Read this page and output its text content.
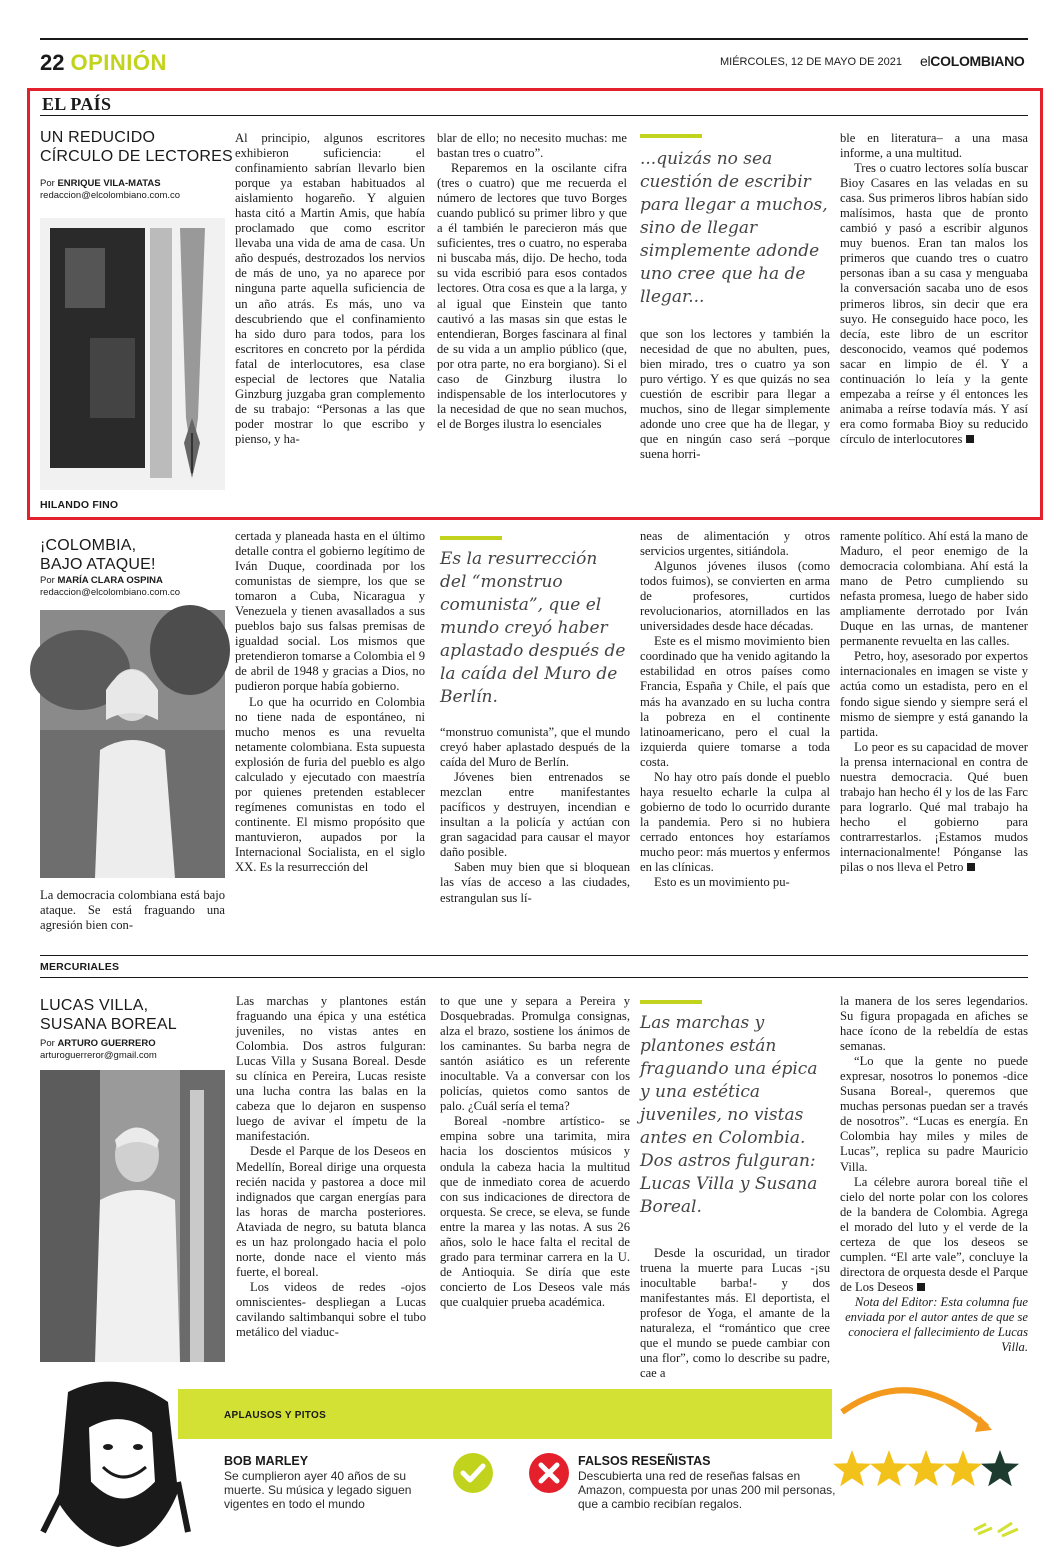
22 OPINIÓN	MIÉRCOLES, 12 DE MAYO DE 2021 elCOLOMBIANO
EL PAÍS
UN REDUCIDO
CÍRCULO DE LECTORES
Por ENRIQUE VILA-MATAS
redaccion@elcolombiano.com.co
HILANDO FINO

Al principio, algunos escritores exhibieron suficiencia: el confinamiento sabrían llevarlo bien porque ya estaban habituados al aislamiento hogareño. Y alguien hasta citó a Martin Amis, que había proclamado que como escritor llevaba una vida de ama de casa. Un año después, destrozados los nervios de más de uno, ya no aparece por ninguna parte aquella suficiencia de un año atrás. Es más, uno va descubriendo que el confinamiento ha sido duro para todos, para los escritores en concreto por la pérdida fatal de interlocutores, esa clase especial de lectores que Natalia Ginzburg juzgaba gran complemento de su trabajo: “Personas a las que poder mostrar lo que escribo y pienso, y ha-

blar de ello; no necesito muchas: me bastan tres o cuatro”.

Reparemos en la oscilante cifra (tres o cuatro) que me recuerda el número de lectores que tuvo Borges cuando publicó su primer libro y que a él también le parecieron más que suficientes, tres o cuatro, no esperaba ni buscaba más, dijo. De hecho, toda su vida escribió para esos contados lectores. Otra cosa es que a la larga, y al igual que Einstein que tanto cautivó a las masas sin que estas le entendieran, Borges fascinara al final de su vida a un amplio público (que, por otra parte, no era borgiano). Si el caso de Ginzburg ilustra lo indispensable de los interlocutores y la necesidad de que no sean muchos, el de Borges ilustra lo esenciales

...quizás no sea cuestión de escribir para llegar a muchos, sino de llegar simplemente adonde uno cree que ha de llegar...

que son los lectores y también la necesidad de que no abulten, pues, bien mirado, tres o cuatro ya son puro vértigo. Y es que quizás no sea cuestión de escribir para llegar a muchos, sino de llegar simplemente adonde uno cree que ha de llegar, y que en ningún caso será –porque suena horri-

ble en literatura– a una masa informe, a una multitud.

Tres o cuatro lectores solía buscar Bioy Casares en las veladas en su casa. Sus primeros libros habían sido malísimos, hasta que de pronto cambió y pasó a escribir algunos muy buenos. Eran tan malos los primeros que cuando tres o cuatro personas iban a su casa y menguaba la conversación sacaba uno de esos primeros libros, sin decir que era suyo. He conseguido hace poco, les decía, este libro de un escritor desconocido, veamos qué podemos sacar en limpio de él. Y a continuación lo leía y la gente empezaba a reírse y él entonces les animaba a reírse todavía más. Y así era como formaba Bioy su reducido círculo de interlocutores

¡COLOMBIA,
BAJO ATAQUE!
Por MARÍA CLARA OSPINA
redaccion@elcolombiano.com.co

La democracia colombiana está bajo ataque. Se está fraguando una agresión bien con-

certada y planeada hasta en el último detalle contra el gobierno legítimo de Iván Duque, coordinada por los comunistas de siempre, los que se tomaron a Cuba, Nicaragua y Venezuela y tienen avasallados a sus pueblos bajo sus falsas premisas de igualdad social. Los mismos que pretendieron tomarse a Colombia el 9 de abril de 1948 y gracias a Dios, no pudieron porque había gobierno.

Lo que ha ocurrido en Colombia no tiene nada de espontáneo, ni mucho menos es una revuelta netamente colombiana. Esta supuesta explosión de furia del pueblo es algo calculado y ejecutado con maestría por quienes pretenden establecer regímenes comunistas en todo el continente. El mismo propósito que mantuvieron, aupados por la Internacional Socialista, en el siglo XX. Es la resurrección del

Es la resurrección del “monstruo comunista”, que el mundo creyó haber aplastado después de la caída del Muro de Berlín.

“monstruo comunista”, que el mundo creyó haber aplastado después de la caída del Muro de Berlín.

Jóvenes bien entrenados se mezclan entre manifestantes pacíficos y destruyen, incendian e insultan a la policía y actúan con gran sagacidad para causar el mayor daño posible.

Saben muy bien que si bloquean las vías de acceso a las ciudades, estrangulan sus lí-

neas de alimentación y otros servicios urgentes, sitiándola.

Algunos jóvenes ilusos (como todos fuimos), se convierten en arma de profesores, curtidos revolucionarios, atornillados en las universidades desde hace décadas.

Este es el mismo movimiento bien coordinado que ha venido agitando la estabilidad en otros países como Francia, España y Chile, el país que más ha avanzado en su lucha contra la pobreza en el continente latinoamericano, pero el cual la izquierda quiere tomarse a toda costa.

No hay otro país donde el pueblo haya resuelto echarle la culpa al gobierno de todo lo ocurrido durante la pandemia. Pero si no hubiera cerrado entonces hoy estaríamos mucho peor: más muertos y enfermos en las clínicas.

Esto es un movimiento pu-

ramente político. Ahí está la mano de Maduro, el peor enemigo de la democracia colombiana. Ahí está la mano de Petro cumpliendo su nefasta promesa, luego de haber sido ampliamente derrotado por Iván Duque en las urnas, de mantener permanente revuelta en las calles.

Petro, hoy, asesorado por expertos internacionales en imagen se viste y actúa como un estadista, pero en el fondo sigue siendo y siempre será el mismo de siempre y está ganando la partida.

Lo peor es su capacidad de mover la prensa internacional en contra de nuestra democracia. Qué buen trabajo han hecho él y los de las Farc para lograrlo. Qué mal trabajo ha hecho el gobierno para contrarrestarlos. ¡Estamos mudos internacionalmente! Pónganse las pilas o nos lleva el Petro

MERCURIALES
LUCAS VILLA,
SUSANA BOREAL
Por ARTURO GUERRERO
arturoguerreror@gmail.com

Las marchas y plantones están fraguando una épica y una estética juveniles, no vistas antes en Colombia. Dos astros fulguran: Lucas Villa y Susana Boreal. Desde su clínica en Pereira, Lucas resiste una lucha contra las balas en la cabeza que lo dejaron en suspenso luego de avivar el ímpetu de la manifestación.

Desde el Parque de los Deseos en Medellín, Boreal dirige una orquesta recién nacida y pastorea a doce mil indignados que cargan energías para las horas de marcha posteriores. Ataviada de negro, su batuta blanca es un haz prolongado hacia el polo norte, donde nace el viento más fuerte, el boreal.

Los videos de redes -ojos omniscientes- despliegan a Lucas cavilando saltimbanqui sobre el tubo metálico del viaduc-

to que une y separa a Pereira y Dosquebradas. Promulga consignas, alza el brazo, sostiene los ánimos de los caminantes. Su barba negra de santón asiático es un referente inocultable. Va a conversar con los policías, quietos como santos de palo. ¿Cuál sería el tema?

Boreal -nombre artístico- se empina sobre una tarimita, mira hacia los doscientos músicos y ondula la cabeza hacia la multitud que de inmediato corea de acuerdo con sus indicaciones de directora de orquesta. Se crece, se eleva, se funde entre la marea y las notas. A sus 26 años, solo le hace falta el recital de grado para terminar carrera en la U. de Antioquia. Se diría que este concierto de Los Deseos vale más que cualquier prueba académica.

Las marchas y plantones están fraguando una épica y una estética juveniles, no vistas antes en Colombia. Dos astros fulguran: Lucas Villa y Susana Boreal.

Desde la oscuridad, un tirador truena la muerte para Lucas -¡su inocultable barba!- y dos manifestantes más. El deportista, el profesor de Yoga, el amante de la naturaleza, el “romántico que cree que el mundo se puede cambiar con una flor”, como lo describe su padre, cae a

la manera de los seres legendarios. Su figura propagada en afiches se hace ícono de la rebeldía de estas semanas.

“Lo que la gente no puede expresar, nosotros lo ponemos -dice Susana Boreal-, queremos que muchas personas puedan ser a través de nosotros”. “Lucas es energía. En Colombia hay miles y miles de Lucas”, replica su padre Mauricio Villa.

La célebre aurora boreal tiñe el cielo del norte polar con los colores de la bandera de Colombia. Agrega el morado del luto y el verde de la certeza de que los deseos se cumplen. “El arte vale”, concluye la directora de orquesta desde el Parque de Los Deseos

Nota del Editor: Esta columna fue enviada por el autor antes de que se conociera el fallecimiento de Lucas Villa.

APLAUSOS Y PITOS
BOB MARLEY
Se cumplieron ayer 40 años de su muerte. Su música y legado siguen vigentes en todo el mundo
FALSOS RESEÑISTAS
Descubierta una red de reseñas falsas en Amazon, compuesta por unas 200 mil personas, que a cambio recibían regalos.
